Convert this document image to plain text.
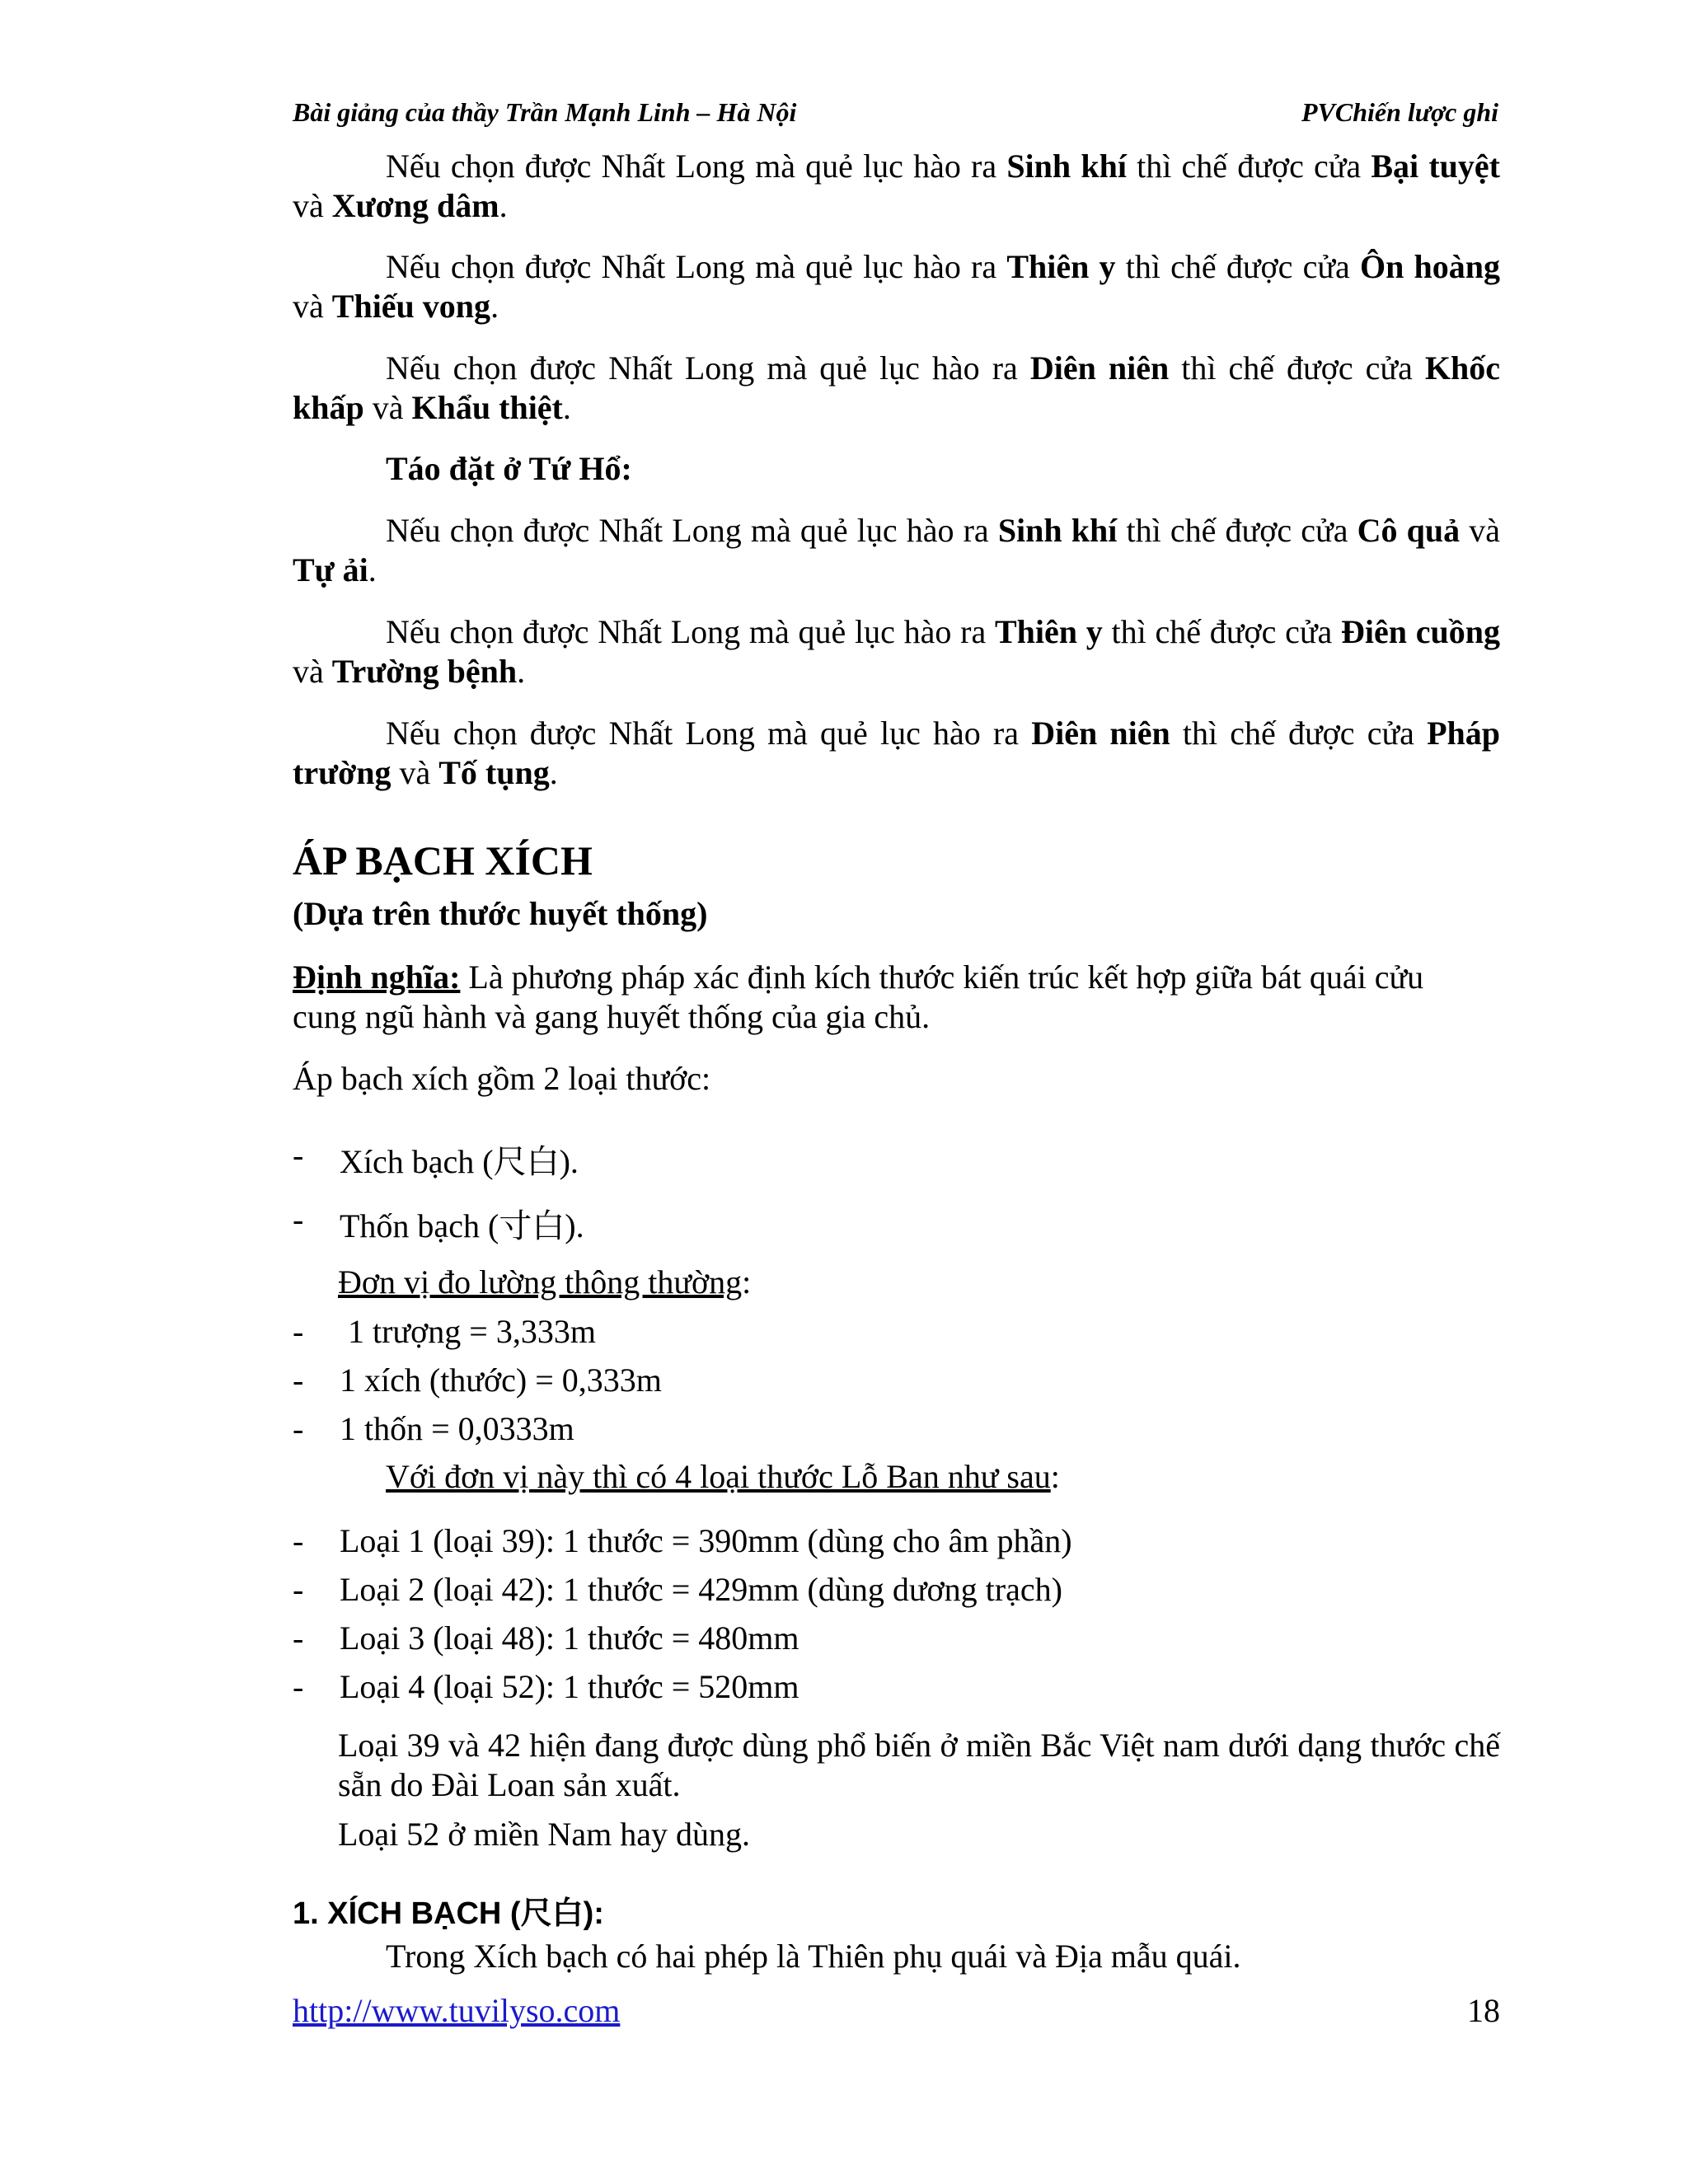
Bài giảng của thầy Trần Mạnh Linh – Hà Nội	PVChiến lược ghi
Nếu chọn được Nhất Long mà quẻ lục hào ra Sinh khí thì chế được cửa Bại tuyệt và Xương dâm.
Nếu chọn được Nhất Long mà quẻ lục hào ra Thiên y thì chế được cửa Ôn hoàng và Thiếu vong.
Nếu chọn được Nhất Long mà quẻ lục hào ra Diên niên thì chế được cửa Khốc khấp và Khẩu thiệt.
Táo đặt ở Tứ Hổ:
Nếu chọn được Nhất Long mà quẻ lục hào ra Sinh khí thì chế được cửa Cô quả và Tự ải.
Nếu chọn được Nhất Long mà quẻ lục hào ra Thiên y thì chế được cửa Điên cuồng và Trường bệnh.
Nếu chọn được Nhất Long mà quẻ lục hào ra Diên niên thì chế được cửa Pháp trường và Tố tụng.
ÁP BẠCH XÍCH
(Dựa trên thước huyết thống)
Định nghĩa: Là phương pháp xác định kích thước kiến trúc kết hợp giữa bát quái cửu cung ngũ hành và gang huyết thống của gia chủ.
Áp bạch xích gồm 2 loại thước:
- Xích bạch (尺白).
- Thốn bạch (寸白).
Đơn vị đo lường thông thường:
- 1 trượng = 3,333m
- 1 xích (thước) = 0,333m
- 1 thốn = 0,0333m
Với đơn vị này thì có 4 loại thước Lỗ Ban như sau:
- Loại 1 (loại 39): 1 thước = 390mm (dùng cho âm phần)
- Loại 2 (loại 42): 1 thước = 429mm (dùng dương trạch)
- Loại 3 (loại 48): 1 thước = 480mm
- Loại 4 (loại 52): 1 thước = 520mm
Loại 39 và 42 hiện đang được dùng phổ biến ở miền Bắc Việt nam dưới dạng thước chế sẵn do Đài Loan sản xuất.
Loại 52 ở miền Nam hay dùng.
1. XÍCH BẠCH (尺白):
Trong Xích bạch có hai phép là Thiên phụ quái và Địa mẫu quái.
http://www.tuvilyso.com	18
